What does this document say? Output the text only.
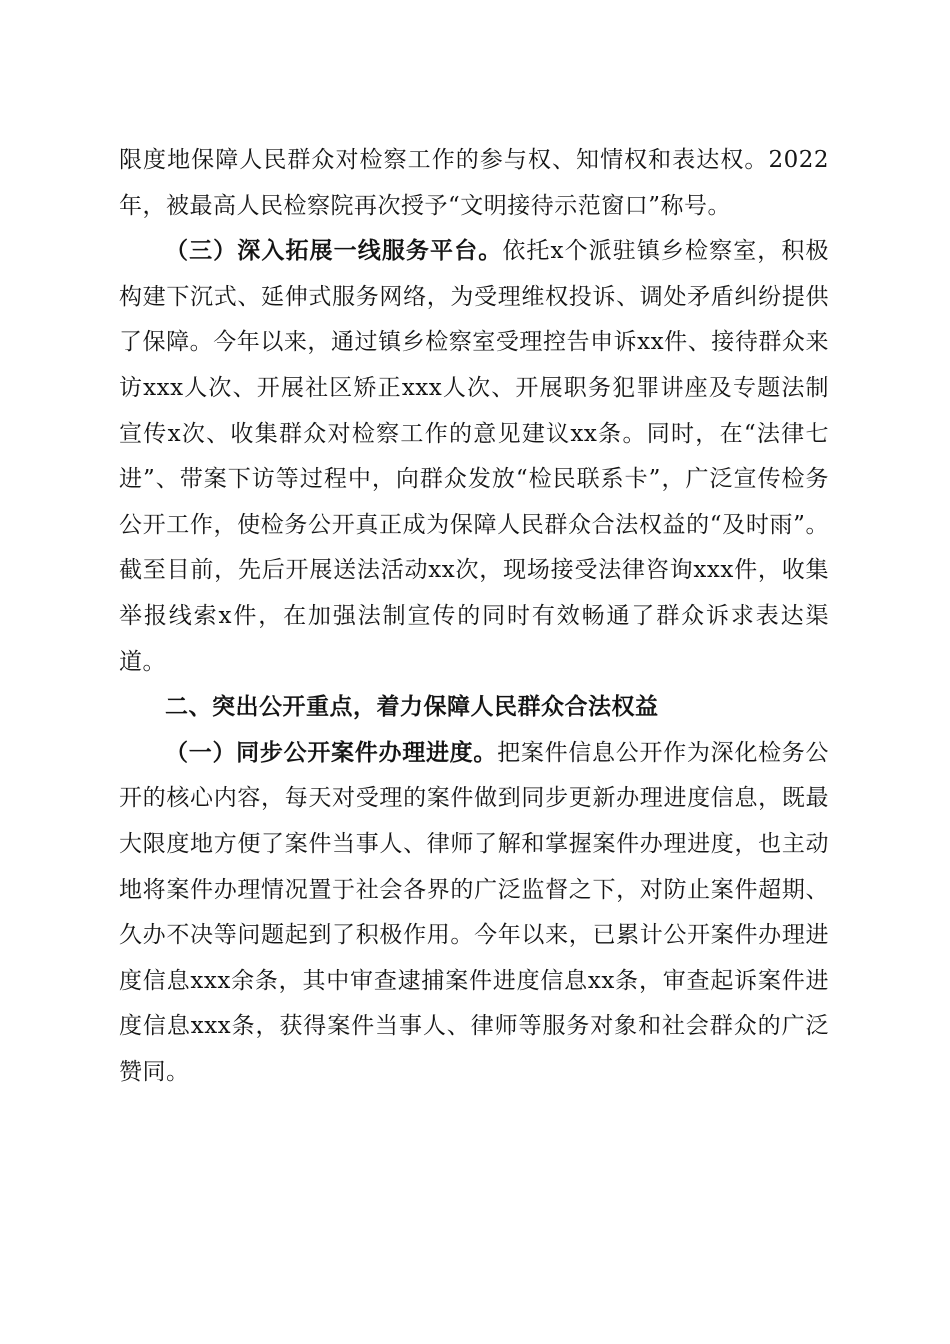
限度地保障人民群众对检察工作的参与权、知情权和表达权。2022年，被最高人民检察院再次授予“文明接待示范窗口”称号。

（三）深入拓展一线服务平台。依托x个派驻镇乡检察室，积极构建下沉式、延伸式服务网络，为受理维权投诉、调处矛盾纠纷提供了保障。今年以来，通过镇乡检察室受理控告申诉xx件、接待群众来访xxx人次、开展社区矫正xxx人次、开展职务犯罪讲座及专题法制宣传x次、收集群众对检察工作的意见建议xx条。同时，在“法律七进”、带案下访等过程中，向群众发放“检民联系卡”，广泛宣传检务公开工作，使检务公开真正成为保障人民群众合法权益的“及时雨”。截至目前，先后开展送法活动xx次，现场接受法律咨询xxx件，收集举报线索x件，在加强法制宣传的同时有效畅通了群众诉求表达渠道。

二、突出公开重点，着力保障人民群众合法权益

（一）同步公开案件办理进度。把案件信息公开作为深化检务公开的核心内容，每天对受理的案件做到同步更新办理进度信息，既最大限度地方便了案件当事人、律师了解和掌握案件办理进度，也主动地将案件办理情况置于社会各界的广泛监督之下，对防止案件超期、久办不决等问题起到了积极作用。今年以来，已累计公开案件办理进度信息xxx余条，其中审查逮捕案件进度信息xx条，审查起诉案件进度信息xxx条，获得案件当事人、律师等服务对象和社会群众的广泛赞同。
